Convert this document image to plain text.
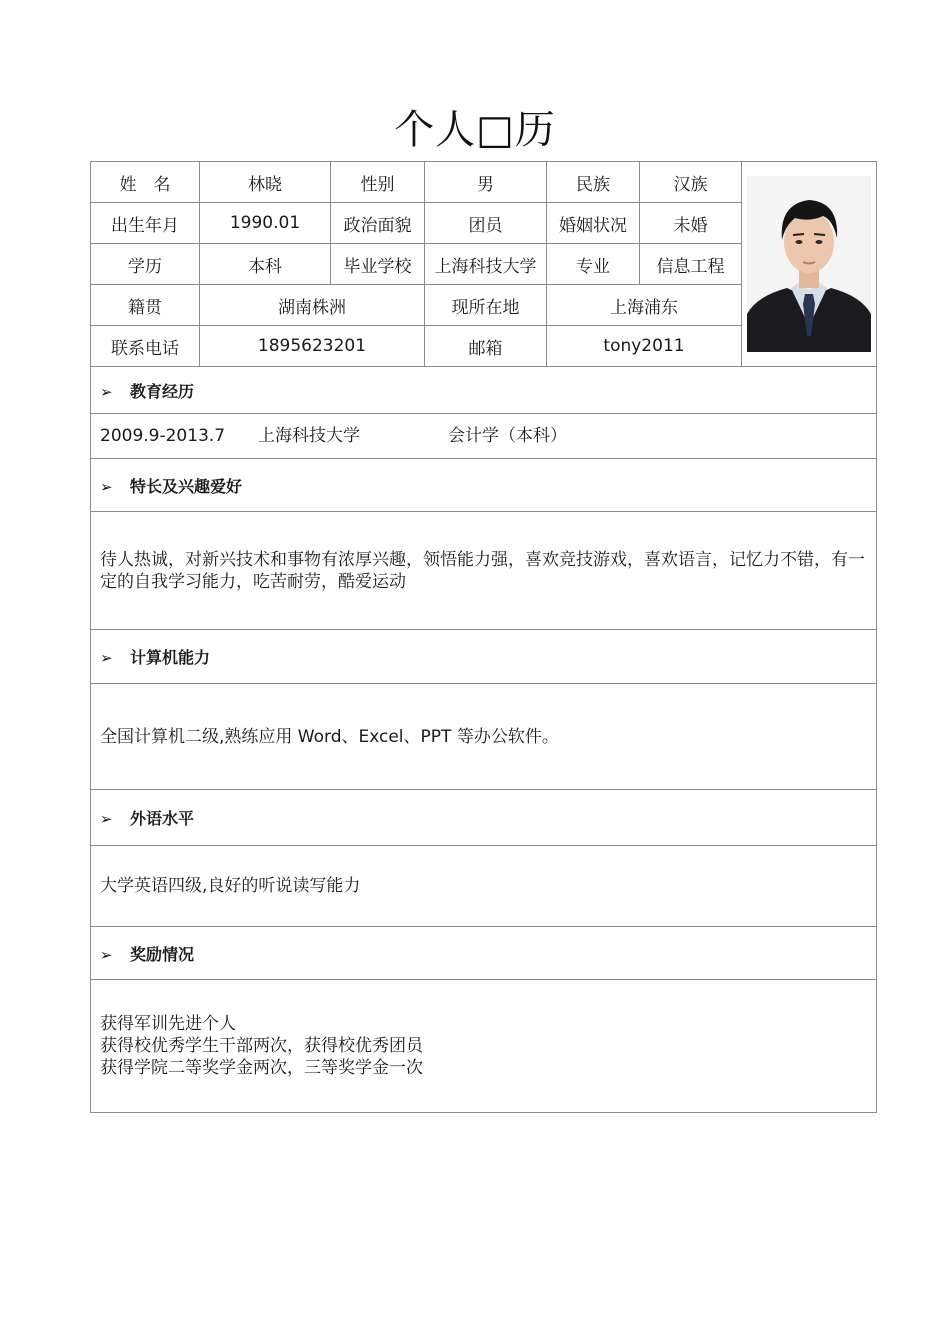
个人□历
姓　名	林晓	性别	男	民族	汉族	

出生年月	1990.01	政治面貌	团员	婚姻状况	未婚	
学历	本科	毕业学校	上海科技大学	专业	信息工程	
籍贯	湖南株洲		现所在地	上海浦东		
联系电话	1895623201		邮箱	tony2011		
➢ 教育经历						
2009.9-2013.7 上海科技大学 会计学（本科）						
➢ 特长及兴趣爱好						
待人热诚，对新兴技术和事物有浓厚兴趣，领悟能力强，喜欢竞技游戏，喜欢语言，记忆力不错，有一定的自我学习能力，吃苦耐劳，酷爱运动						
➢ 计算机能力						
全国计算机二级,熟练应用 Word、Excel、PPT 等办公软件。						
➢ 外语水平						
大学英语四级,良好的听说读写能力						
➢ 奖励情况						

获得军训先进个人
获得校优秀学生干部两次，获得校优秀团员
获得学院二等奖学金两次，三等奖学金一次						
